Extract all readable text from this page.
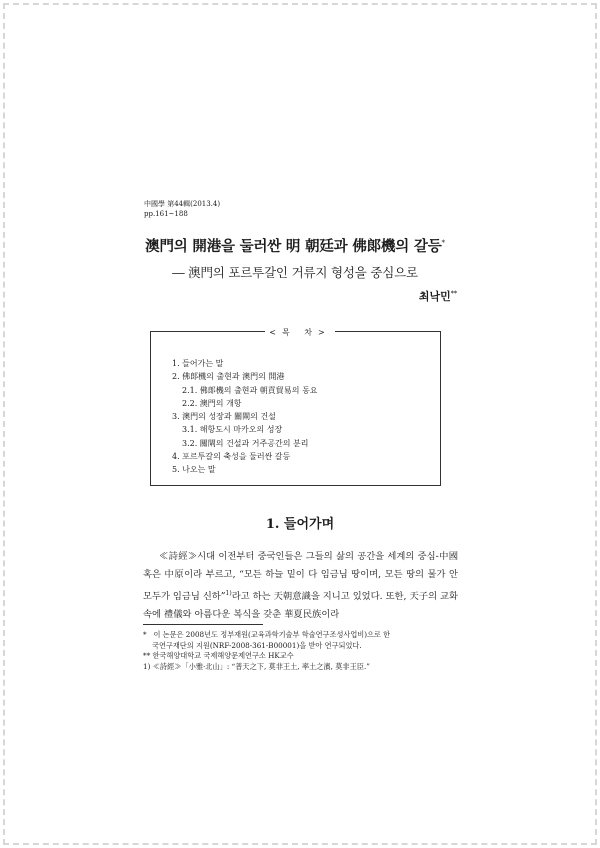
中國學 第44輯(2013.4)
pp.161~188
澳門의 開港을 둘러싼 明 朝廷과 佛郞機의 갈등*
― 澳門의 포르투갈인 거류지 형성을 중심으로
최낙민**
<목 차>
1. 들어가는 말
2. 佛郞機의 출현과 澳門의 開港
2.1. 佛郞機의 출현과 朝貢貿易의 동요
2.2. 澳門의 개항
3. 澳門의 성장과 關閘의 건설
3.1. 해항도시 마카오의 성장
3.2. 關閘의 건설과 거주공간의 분리
4. 포르투갈의 축성을 둘러싼 갈등
5. 나오는 말
1. 들어가며
≪詩經≫시대 이전부터 중국인들은 그들의 삶의 공간을 세계의 중심-中國 혹은 中原이라 부르고, “모든 하늘 밑이 다 임금님 땅이며, 모든 땅의 물가 안 모두가 임금님 신하”$^{1)}$라고 하는 天朝意識을 지니고 있었다. 또한, 天子의 교화 속에 禮儀와 아름다운 복식을 갖춘 華夏民族이라
* 이 논문은 2008년도 정부재원(교육과학기술부 학술연구조성사업비)으로 한
국연구재단의 지원(NRF-2008-361-B00001)을 받아 연구되었다.
** 한국해양대학교 국제해양문제연구소 HK교수
1) ≪詩經≫「小雅·北山」: “普天之下, 莫非王土, 率土之濱, 莫非王臣.”
